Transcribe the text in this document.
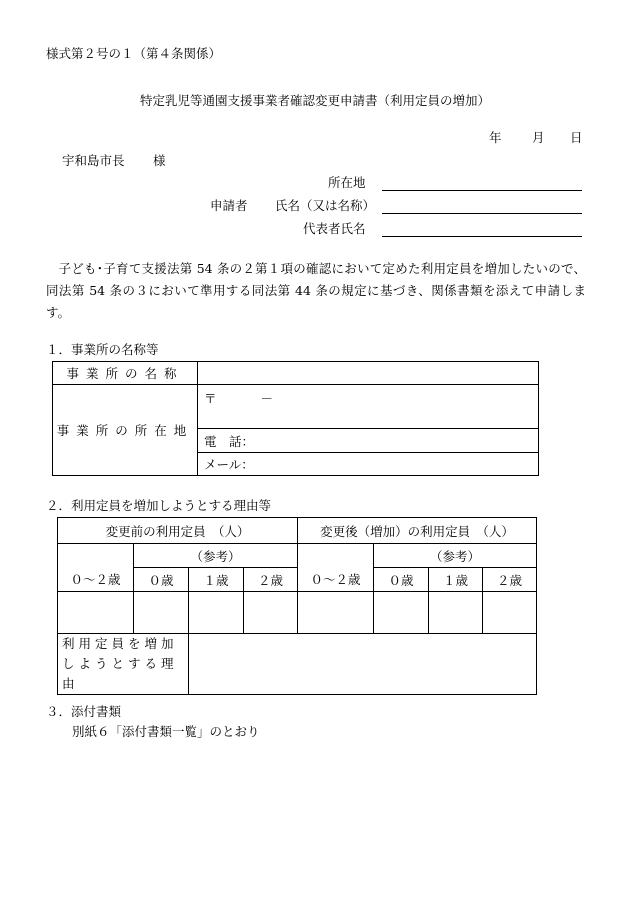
様式第２号の１（第４条関係）
特定乳児等通園支援事業者確認変更申請書（利用定員の増加）
年 月 日
宇和島市長 様
所在地
申請者 氏名（又は名称）
代表者氏名
子ども･子育て支援法第 54 条の２第１項の確認において定めた利用定員を増加したいので、同法第 54 条の３において準用する同法第 44 条の規定に基づき、関係書類を添えて申請します。
１．事業所の名称等
事業所の名称	
事業所の所在地	〒 －
	電　話：
	メール：
２．利用定員を増加しようとする理由等
変更前の利用定員　（人）				変更後（増加）の利用定員　（人）			
	（参考）				（参考）		
０～２歳	０歳	１歳	２歳	０～２歳	０歳	１歳	２歳

利用定員を増加
しようとする理由							

３．添付書類
別紙６「添付書類一覧」のとおり
